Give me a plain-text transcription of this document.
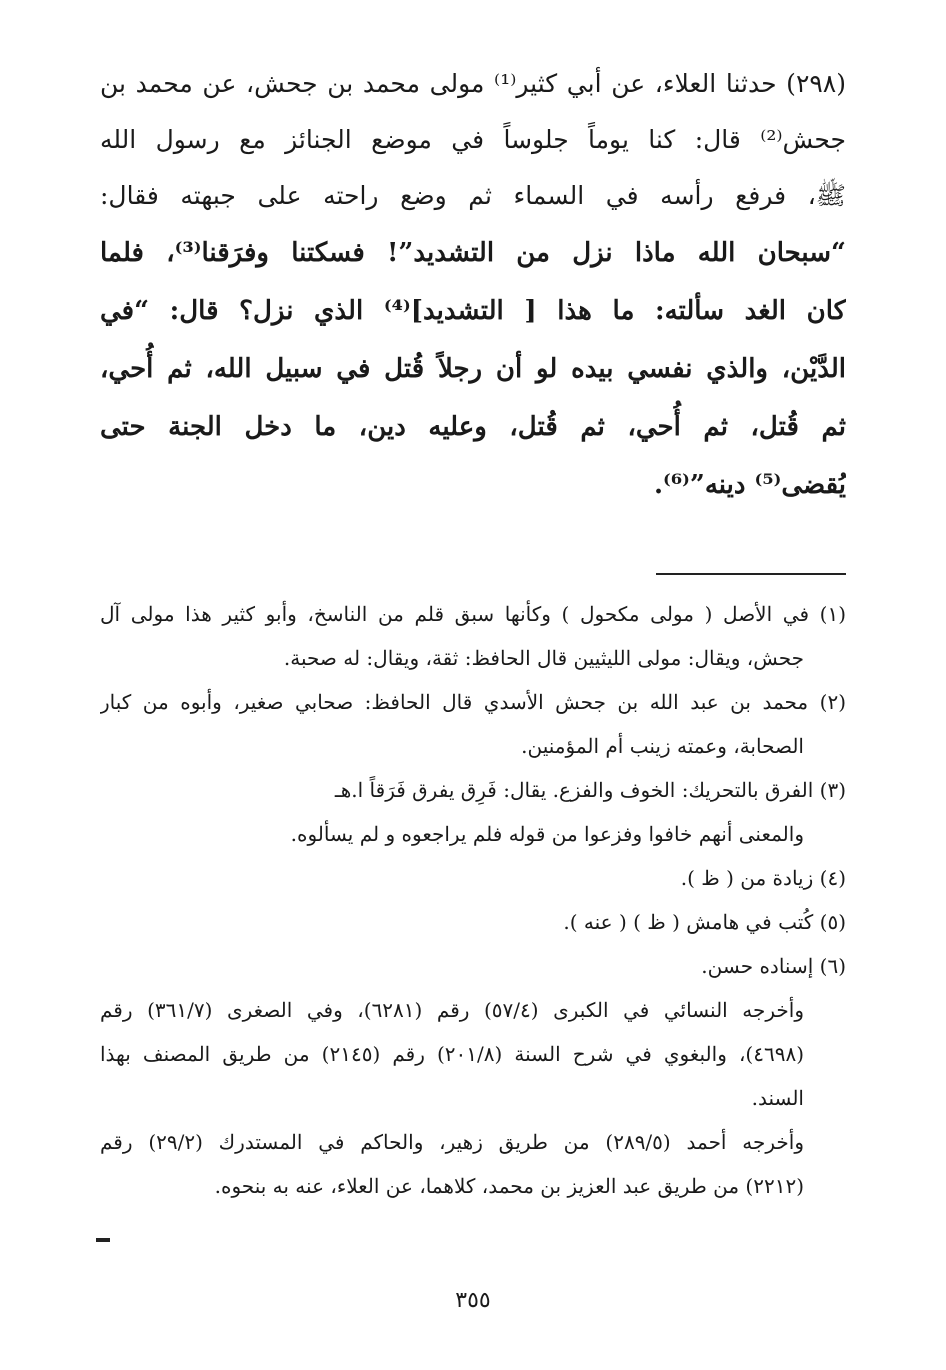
(٢٩٨) حدثنا العلاء، عن أبي كثير⁽¹⁾ مولى محمد بن جحش، عن محمد بن
جحش⁽²⁾ قال: كنا يوماً جلوساً في موضع الجنائز مع رسول الله
ﷺ، فرفع رأسه في السماء ثم وضع راحته على جبهته فقال:
“سبحان الله ماذا نزل من التشديد”! فسكتنا وفرَقنا⁽³⁾، فلما
كان الغد سألته: ما هذا [ التشديد]⁽⁴⁾ الذي نزل؟ قال: “في
الدَّيْن، والذي نفسي بيده لو أن رجلاً قُتل في سبيل الله، ثم أُحي،
ثم قُتل، ثم أُحي، ثم قُتل، وعليه دين، ما دخل الجنة حتى
يُقضى⁽⁵⁾ دينه”⁽⁶⁾.
(١) في الأصل ( مولى مكحول ) وكأنها سبق قلم من الناسخ، وأبو كثير هذا مولى آل
جحش، ويقال: مولى الليثيين قال الحافظ: ثقة، ويقال: له صحبة.
(٢) محمد بن عبد الله بن جحش الأسدي قال الحافظ: صحابي صغير، وأبوه من كبار
الصحابة، وعمته زينب أم المؤمنين.
(٣) الفرق بالتحريك: الخوف والفزع. يقال: فَرِق يفرق فَرَقاً ا.هـ
والمعنى أنهم خافوا وفزعوا من قوله فلم يراجعوه و لم يسألوه.
(٤) زيادة من ( ظ ).
(٥) كُتب في هامش ( ظ ) ( عنه ).
(٦) إسناده حسن.
وأخرجه النسائي في الكبرى (٥٧/٤) رقم (٦٢٨١)، وفي الصغرى (٣٦١/٧) رقم
(٤٦٩٨)، والبغوي في شرح السنة (٢٠١/٨) رقم (٢١٤٥) من طريق المصنف بهذا
السند.
وأخرجه أحمد (٢٨٩/٥) من طريق زهير، والحاكم في المستدرك (٢٩/٢) رقم
(٢٢١٢) من طريق عبد العزيز بن محمد، كلاهما، عن العلاء، عنه به بنحوه.
٣٥٥
